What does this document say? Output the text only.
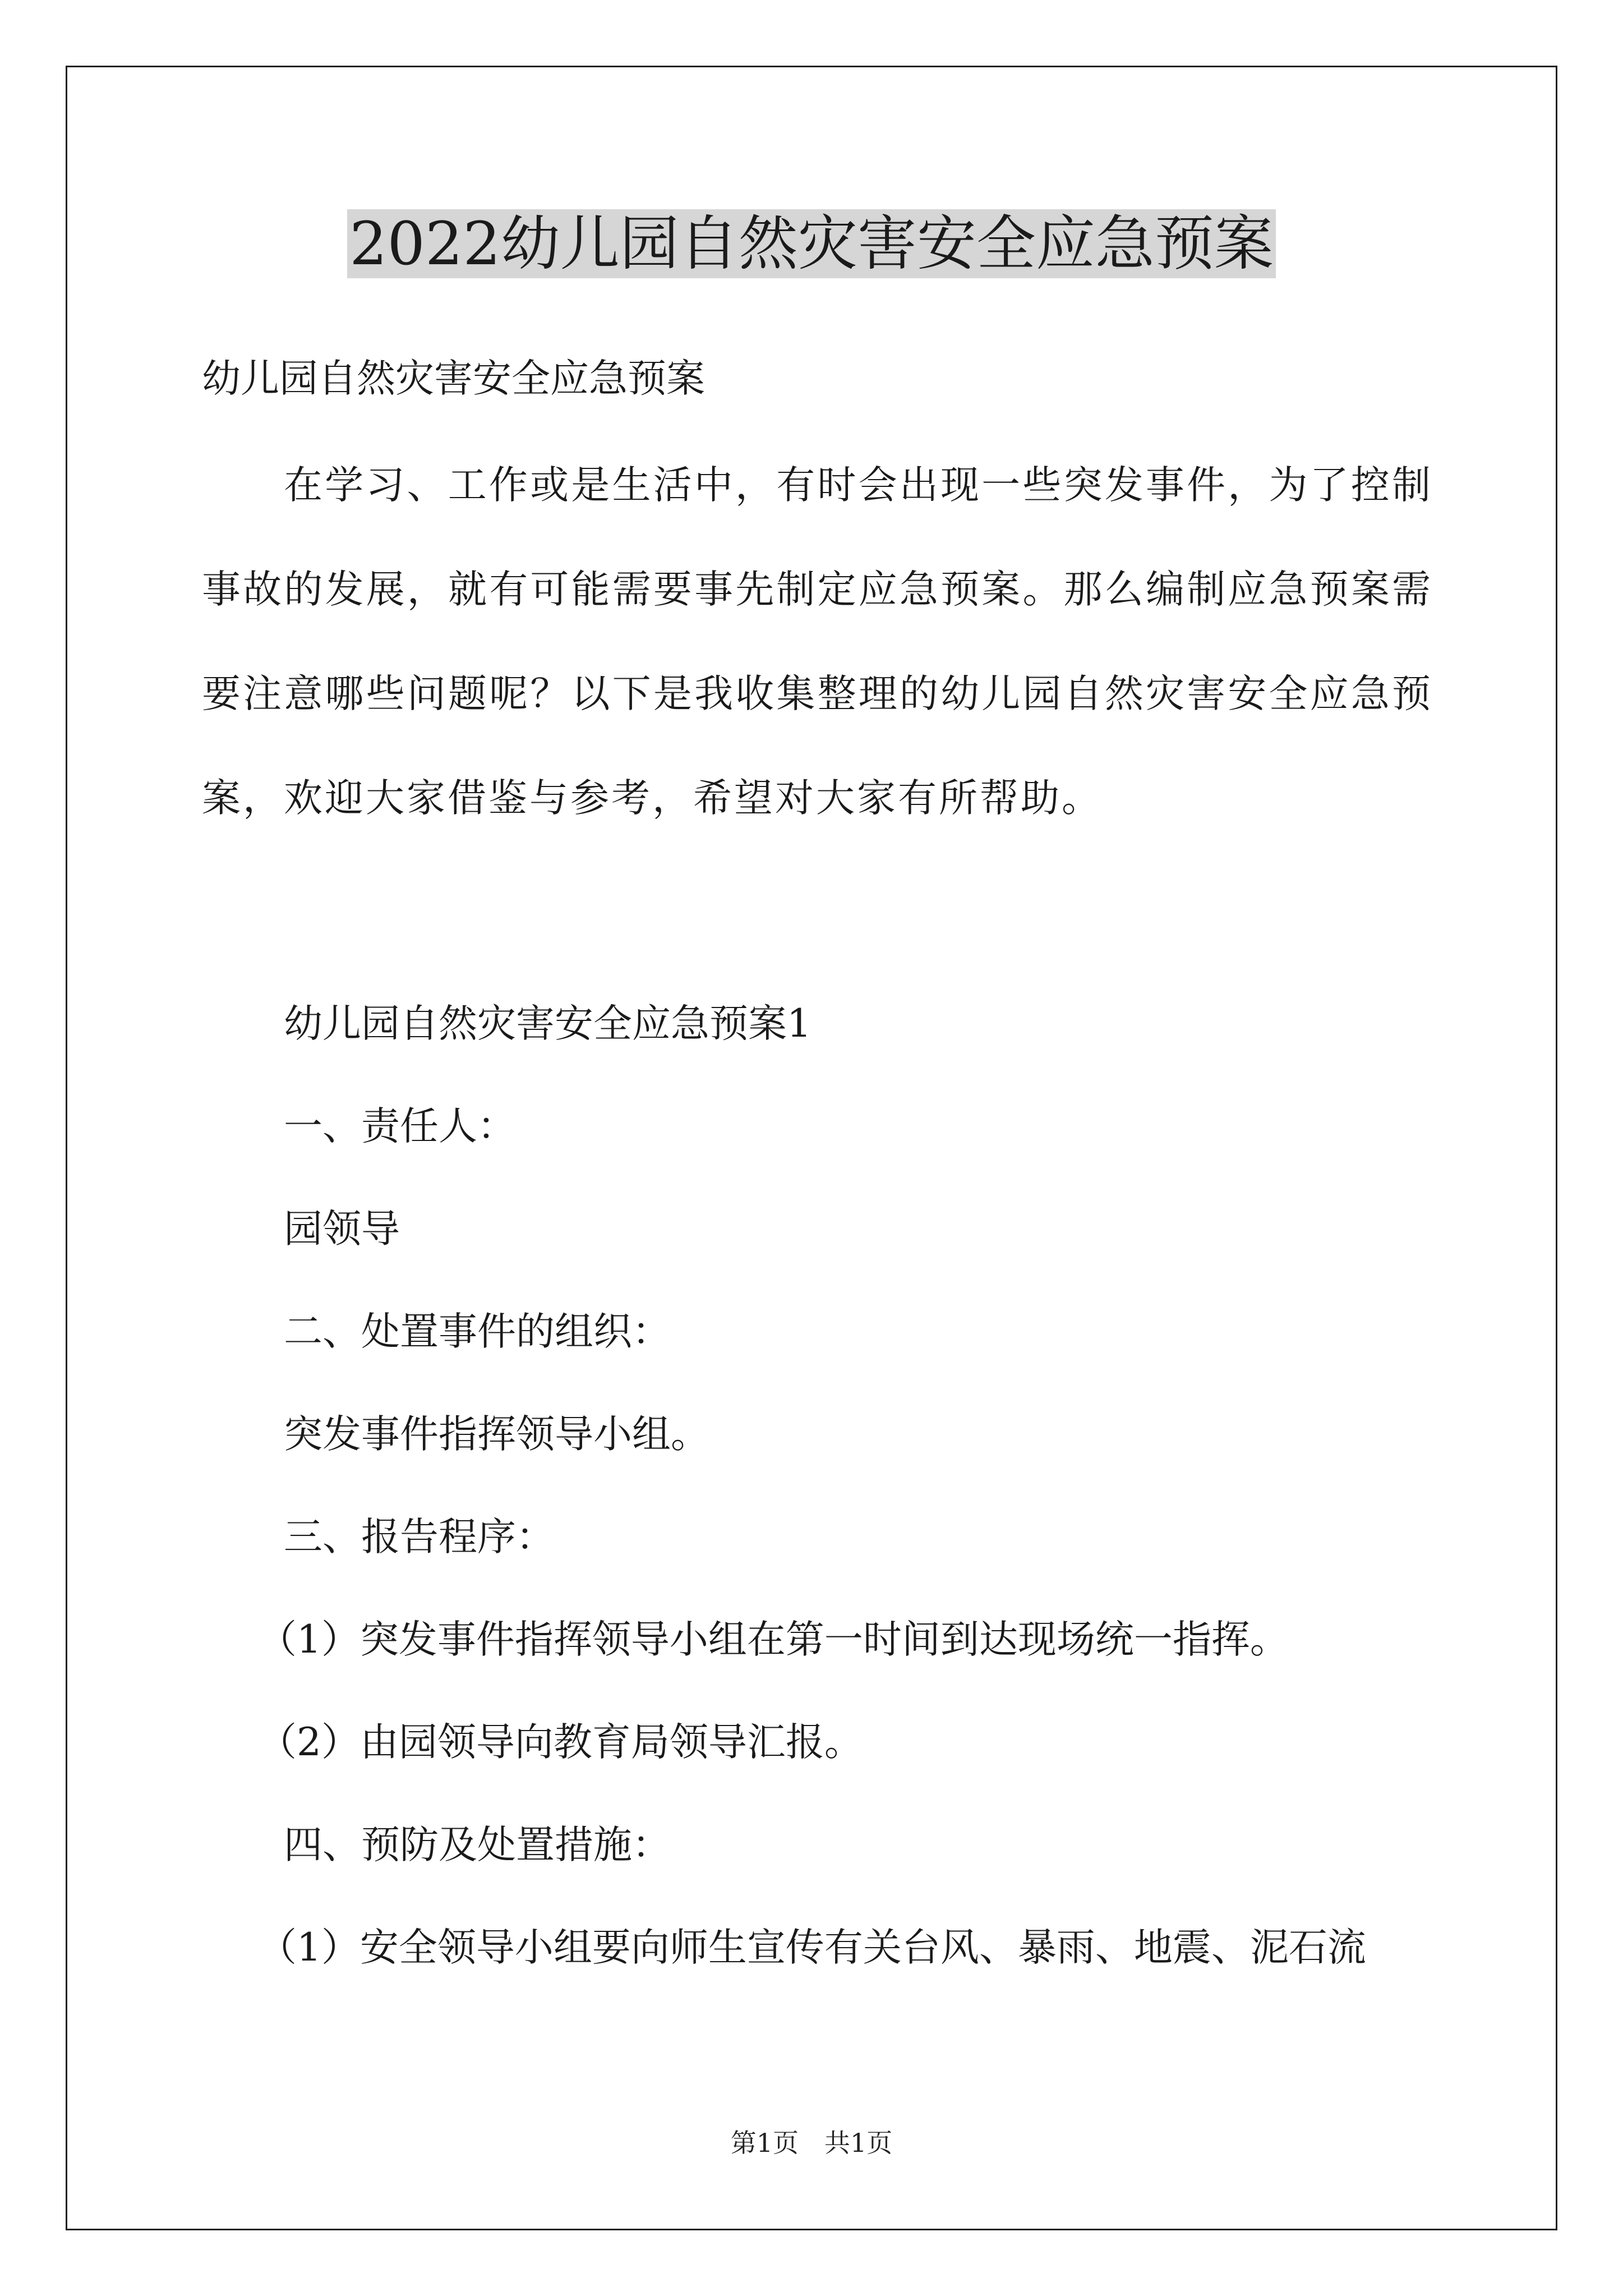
2022幼儿园自然灾害安全应急预案

幼儿园自然灾害安全应急预案

在学习、工作或是生活中，有时会出现一些突发事件，为了控制事故的发展，就有可能需要事先制定应急预案。那么编制应急预案需要注意哪些问题呢？以下是我收集整理的幼儿园自然灾害安全应急预案，欢迎大家借鉴与参考，希望对大家有所帮助。

幼儿园自然灾害安全应急预案1

一、责任人：

园领导

二、处置事件的组织：

突发事件指挥领导小组。

三、报告程序：

（1）突发事件指挥领导小组在第一时间到达现场统一指挥。

（2）由园领导向教育局领导汇报。

四、预防及处置措施：

（1）安全领导小组要向师生宣传有关台风、暴雨、地震、泥石流

第1页　共1页
